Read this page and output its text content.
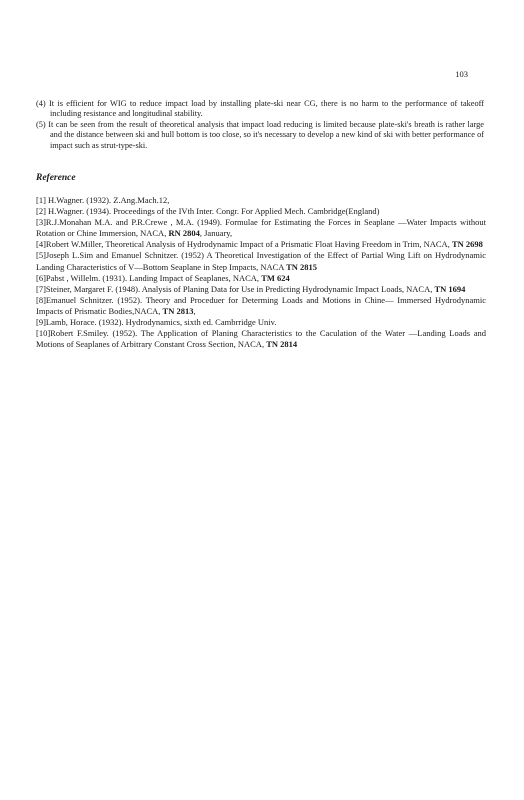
103

(4) It is efficient for WIG to reduce impact load by installing plate-ski near CG, there is no harm to the performance of takeoff including resistance and longitudinal stability.

(5) It can be seen from the result of theoretical analysis that impact load reducing is limited because plate-ski's breath is rather large and the distance between ski and hull bottom is too close, so it's necessary to develop a new kind of ski with better performance of impact such as strut-type-ski.

Reference

[1] H.Wagner. (1932). Z.Ang.Mach.12,

[2] H.Wagner. (1934). Proceedings of the IVth Inter. Congr. For Applied Mech. Cambridge(England)

[3]R.J.Monahan M.A. and P.R.Crewe , M.A. (1949). Formulae for Estimating the Forces in Seaplane —Water Impacts without Rotation or Chine Immersion, NACA, RN 2804, January,

[4]Robert W.Miller, Theoretical Analysis of Hydrodynamic Impact of a Prismatic Float Having Freedom in Trim, NACA, TN 2698

[5]Joseph L.Sim and Emanuel Schnitzer. (1952) A Theoretical Investigation of the Effect of Partial Wing Lift on Hydrodynamic Landing Characteristics of V—Bottom Seaplane in Step Impacts, NACA TN 2815

[6]Pabst , Willelm. (1931). Landing Impact of Seaplanes, NACA, TM 624

[7]Steiner, Margaret F. (1948). Analysis of Planing Data for Use in Predicting Hydrodynamic Impact Loads, NACA, TN 1694

[8]Emanuel Schnitzer. (1952). Theory and Proceduer for Determing Loads and Motions in Chine— Immersed Hydrodynamic Impacts of Prismatic Bodies,NACA, TN 2813,

[9]Lamb, Horace. (1932). Hydrodynamics, sixth ed. Cambrridge Univ.

[10]Robert F.Smiley. (1952). The Application of Planing Characteristics to the Caculation of the Water —Landing Loads and Motions of Seaplanes of Arbitrary Constant Cross Section, NACA, TN 2814
